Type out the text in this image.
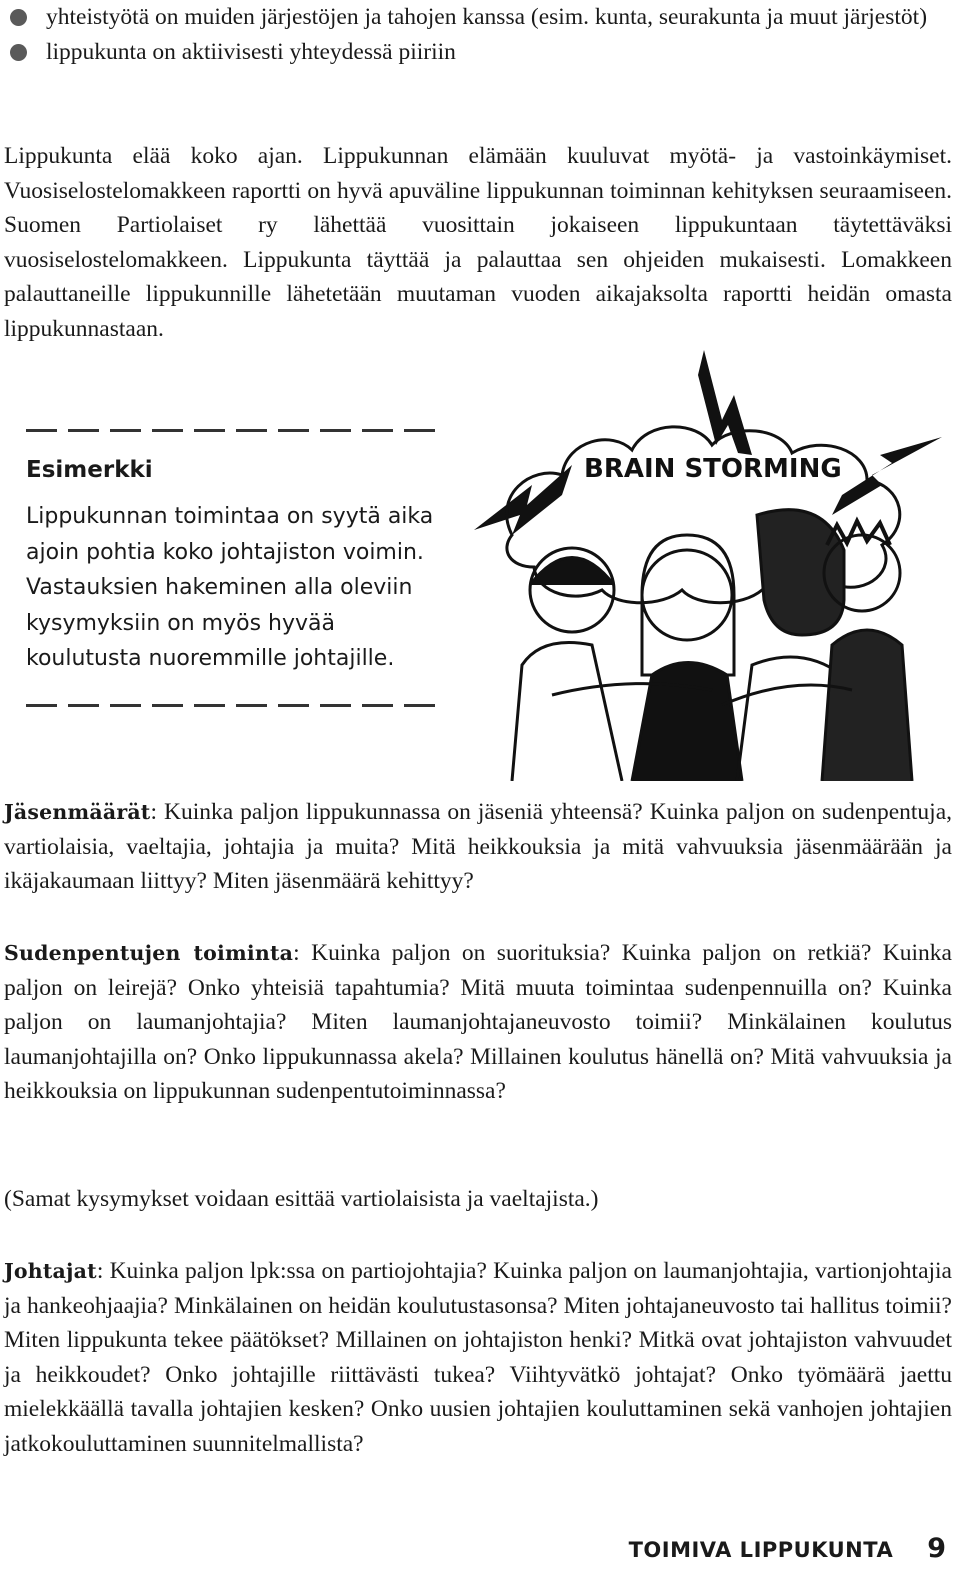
yhteistyötä on muiden järjestöjen ja tahojen kanssa (esim. kunta, seurakunta ja muut järjestöt)
lippukunta on aktiivisesti yhteydessä piiriin

Lippukunta elää koko ajan. Lippukunnan elämään kuuluvat myötä- ja vastoinkäymiset. Vuosiselostelomakkeen raportti on hyvä apuväline lippukunnan toiminnan kehityksen seuraamiseen. Suomen Partiolaiset ry lähettää vuosittain jokaiseen lippukuntaan täytettäväksi vuosiselostelomakkeen. Lippukunta täyttää ja palauttaa sen ohjeiden mukaisesti. Lomakkeen palauttaneille lippukunnille lähetetään muutaman vuoden aikajaksolta raportti heidän omasta lippukunnastaan.

Esimerkki
Lippukunnan toimintaa on syytä aika ajoin pohtia koko johtajiston voimin. Vastauksien hakeminen alla oleviin kysymyksiin on myös hyvää koulutusta nuoremmille johtajille.
BRAIN STORMING

Jäsenmäärät: Kuinka paljon lippukunnassa on jäseniä yhteensä? Kuinka paljon on sudenpentuja, vartiolaisia, vaeltajia, johtajia ja muita? Mitä heikkouksia ja mitä vahvuuksia jäsenmäärään ja ikäjakaumaan liittyy? Miten jäsenmäärä kehittyy?

Sudenpentujen toiminta: Kuinka paljon on suorituksia? Kuinka paljon on retkiä? Kuinka paljon on leirejä? Onko yhteisiä tapahtumia? Mitä muuta toimintaa sudenpennuilla on? Kuinka paljon on laumanjohtajia? Miten laumanjohtajaneuvosto toimii? Minkälainen koulutus laumanjohtajilla on? Onko lippukunnassa akela? Millainen koulutus hänellä on? Mitä vahvuuksia ja heikkouksia on lippukunnan sudenpentutoiminnassa?

(Samat kysymykset voidaan esittää vartiolaisista ja vaeltajista.)

Johtajat: Kuinka paljon lpk:ssa on partiojohtajia? Kuinka paljon on laumanjohtajia, vartionjohtajia ja hankeohjaajia? Minkälainen on heidän koulutustasonsa? Miten johtajaneuvosto tai hallitus toimii? Miten lippukunta tekee päätökset? Millainen on johtajiston henki? Mitkä ovat johtajiston vahvuudet ja heikkoudet? Onko johtajille riittävästi tukea? Viihtyvätkö johtajat? Onko työmäärä jaettu mielekkäällä tavalla johtajien kesken? Onko uusien johtajien kouluttaminen sekä vanhojen johtajien jatkokouluttaminen suunnitelmallista?

TOIMIVA LIPPUKUNTA 9
